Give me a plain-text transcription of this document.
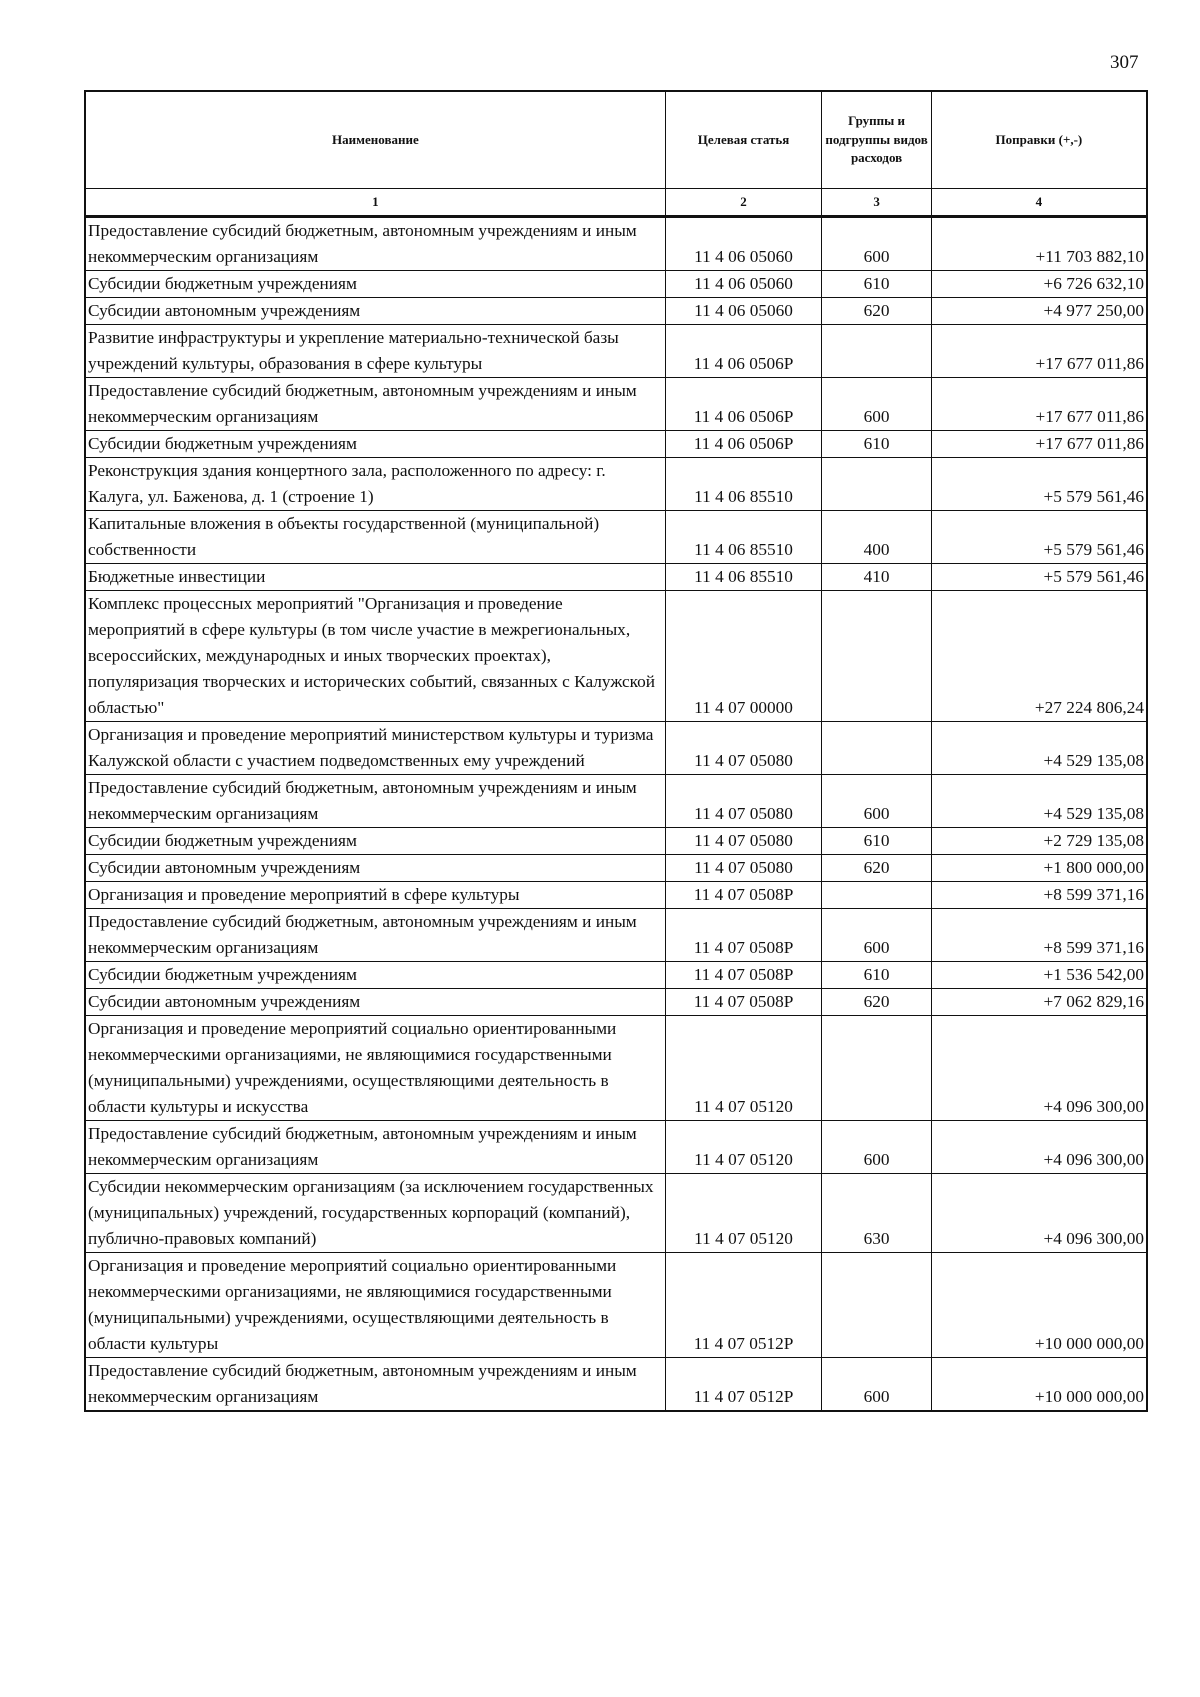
307
Наименование	Целевая статья	Группы и подгруппы видов расходов	Поправки (+,-)
1	2	3	4
Предоставление субсидий бюджетным, автономным учреждениям и иным некоммерческим организациям	11 4 06 05060	600	+11 703 882,10
Субсидии бюджетным учреждениям	11 4 06 05060	610	+6 726 632,10
Субсидии автономным учреждениям	11 4 06 05060	620	+4 977 250,00
Развитие инфраструктуры и укрепление материально-технической базы учреждений культуры, образования в сфере культуры	11 4 06 0506P		+17 677 011,86
Предоставление субсидий бюджетным, автономным учреждениям и иным некоммерческим организациям	11 4 06 0506P	600	+17 677 011,86
Субсидии бюджетным учреждениям	11 4 06 0506P	610	+17 677 011,86
Реконструкция здания концертного зала, расположенного по адресу: г. Калуга, ул. Баженова, д. 1 (строение 1)	11 4 06 85510		+5 579 561,46
Капитальные вложения в объекты государственной (муниципальной) собственности	11 4 06 85510	400	+5 579 561,46
Бюджетные инвестиции	11 4 06 85510	410	+5 579 561,46
Комплекс процессных мероприятий "Организация и проведение мероприятий в сфере культуры (в том числе участие в межрегиональных, всероссийских, международных и иных творческих проектах), популяризация творческих и исторических событий, связанных с Калужской областью"	11 4 07 00000		+27 224 806,24
Организация и проведение мероприятий министерством культуры и туризма Калужской области с участием подведомственных ему учреждений	11 4 07 05080		+4 529 135,08
Предоставление субсидий бюджетным, автономным учреждениям и иным некоммерческим организациям	11 4 07 05080	600	+4 529 135,08
Субсидии бюджетным учреждениям	11 4 07 05080	610	+2 729 135,08
Субсидии автономным учреждениям	11 4 07 05080	620	+1 800 000,00
Организация и проведение мероприятий в сфере культуры	11 4 07 0508P		+8 599 371,16
Предоставление субсидий бюджетным, автономным учреждениям и иным некоммерческим организациям	11 4 07 0508P	600	+8 599 371,16
Субсидии бюджетным учреждениям	11 4 07 0508P	610	+1 536 542,00
Субсидии автономным учреждениям	11 4 07 0508P	620	+7 062 829,16
Организация и проведение мероприятий социально ориентированными некоммерческими организациями, не являющимися государственными (муниципальными) учреждениями, осуществляющими деятельность в области культуры и искусства	11 4 07 05120		+4 096 300,00
Предоставление субсидий бюджетным, автономным учреждениям и иным некоммерческим организациям	11 4 07 05120	600	+4 096 300,00
Субсидии некоммерческим организациям (за исключением государственных (муниципальных) учреждений, государственных корпораций (компаний), публично-правовых компаний)	11 4 07 05120	630	+4 096 300,00
Организация и проведение мероприятий социально ориентированными некоммерческими организациями, не являющимися государственными (муниципальными) учреждениями, осуществляющими деятельность в области культуры	11 4 07 0512P		+10 000 000,00
Предоставление субсидий бюджетным, автономным учреждениям и иным некоммерческим организациям	11 4 07 0512P	600	+10 000 000,00
